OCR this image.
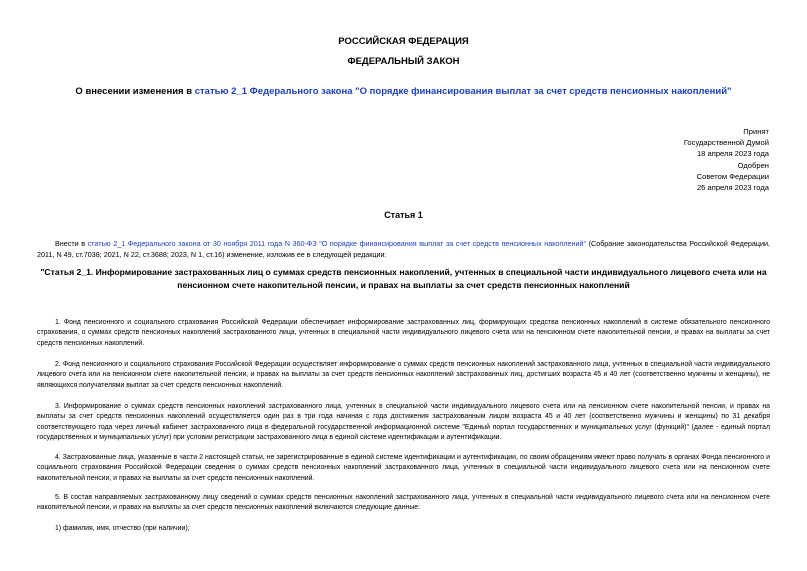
РОССИЙСКАЯ ФЕДЕРАЦИЯ
ФЕДЕРАЛЬНЫЙ ЗАКОН
О внесении изменения в статью 2_1 Федерального закона "О порядке финансирования выплат за счет средств пенсионных накоплений"
Принят
Государственной Думой
18 апреля 2023 года
Одобрен
Советом Федерации
26 апреля 2023 года
Статья 1
Внести в статью 2_1 Федерального закона от 30 ноября 2011 года N 360-ФЗ "О порядке финансирования выплат за счет средств пенсионных накоплений" (Собрание законодательства Российской Федерации, 2011, N 49, ст.7038; 2021, N 22, ст.3688; 2023, N 1, ст.16) изменение, изложив ее в следующей редакции:
"Статья 2_1. Информирование застрахованных лиц о суммах средств пенсионных накоплений, учтенных в специальной части индивидуального лицевого счета или на пенсионном счете накопительной пенсии, и правах на выплаты за счет средств пенсионных накоплений
1. Фонд пенсионного и социального страхования Российской Федерации обеспечивает информирование застрахованных лиц, формирующих средства пенсионных накоплений в системе обязательного пенсионного страхования, о суммах средств пенсионных накоплений застрахованного лица, учтенных в специальной части индивидуального лицевого счета или на пенсионном счете накопительной пенсии, и правах на выплаты за счет средств пенсионных накоплений.
2. Фонд пенсионного и социального страхования Российской Федерации осуществляет информирование о суммах средств пенсионных накоплений застрахованного лица, учтенных в специальной части индивидуального лицевого счета или на пенсионном счете накопительной пенсии, и правах на выплаты за счет средств пенсионных накоплений застрахованных лиц, достигших возраста 45 и 40 лет (соответственно мужчины и женщины), не являющихся получателями выплат за счет средств пенсионных накоплений.
3. Информирование о суммах средств пенсионных накоплений застрахованного лица, учтенных в специальной части индивидуального лицевого счета или на пенсионном счете накопительной пенсии, и правах на выплаты за счет средств пенсионных накоплений осуществляется один раз в три года начиная с года достижения застрахованным лицом возраста 45 и 40 лет (соответственно мужчины и женщины) по 31 декабря соответствующего года через личный кабинет застрахованного лица в федеральной государственной информационной системе "Единый портал государственных и муниципальных услуг (функций)" (далее - единый портал государственных и муниципальных услуг) при условии регистрации застрахованного лица в единой системе идентификации и аутентификации.
4. Застрахованные лица, указанные в части 2 настоящей статьи, не зарегистрированные в единой системе идентификации и аутентификации, по своим обращениям имеют право получать в органах Фонда пенсионного и социального страхования Российской Федерации сведения о суммах средств пенсионных накоплений застрахованного лица, учтенных в специальной части индивидуального лицевого счета или на пенсионном счете накопительной пенсии, и правах на выплаты за счет средств пенсионных накоплений.
5. В состав направляемых застрахованному лицу сведений о суммах средств пенсионных накоплений застрахованного лица, учтенных в специальной части индивидуального лицевого счета или на пенсионном счете накопительной пенсии, и правах на выплаты за счет средств пенсионных накоплений включаются следующие данные:
1) фамилия, имя, отчество (при наличии);
